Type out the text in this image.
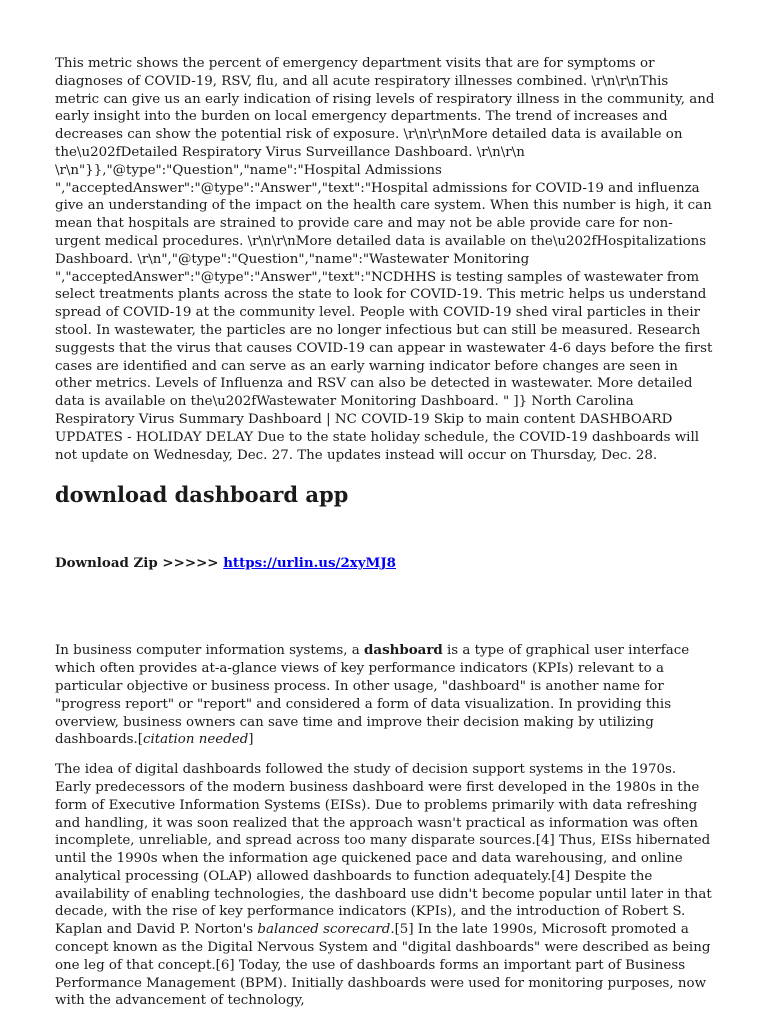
This metric shows the percent of emergency department visits that are for symptoms or diagnoses of COVID-19, RSV, flu, and all acute respiratory illnesses combined. \r\n\r\nThis metric can give us an early indication of rising levels of respiratory illness in the community, and early insight into the burden on local emergency departments. The trend of increases and decreases can show the potential risk of exposure. \r\n\r\nMore detailed data is available on the\u202fDetailed Respiratory Virus Surveillance Dashboard. \r\n\r\n \r\n"}},"@type":"Question","name":"Hospital Admissions ","acceptedAnswer":"@type":"Answer","text":"Hospital admissions for COVID-19 and influenza give an understanding of the impact on the health care system. When this number is high, it can mean that hospitals are strained to provide care and may not be able provide care for non-urgent medical procedures. \r\n\r\nMore detailed data is available on the\u202fHospitalizations Dashboard. \r\n","@type":"Question","name":"Wastewater Monitoring ","acceptedAnswer":"@type":"Answer","text":"NCDHHS is testing samples of wastewater from select treatments plants across the state to look for COVID-19. This metric helps us understand spread of COVID-19 at the community level. People with COVID-19 shed viral particles in their stool. In wastewater, the particles are no longer infectious but can still be measured. Research suggests that the virus that causes COVID-19 can appear in wastewater 4-6 days before the first cases are identified and can serve as an early warning indicator before changes are seen in other metrics. Levels of Influenza and RSV can also be detected in wastewater. More detailed data is available on the\u202fWastewater Monitoring Dashboard. " ]} North Carolina Respiratory Virus Summary Dashboard | NC COVID-19 Skip to main content DASHBOARD UPDATES - HOLIDAY DELAY Due to the state holiday schedule, the COVID-19 dashboards will not update on Wednesday, Dec. 27. The updates instead will occur on Thursday, Dec. 28.

download dashboard app

Download Zip >>>>> https://urlin.us/2xyMJ8

In business computer information systems, a dashboard is a type of graphical user interface which often provides at-a-glance views of key performance indicators (KPIs) relevant to a particular objective or business process. In other usage, "dashboard" is another name for "progress report" or "report" and considered a form of data visualization. In providing this overview, business owners can save time and improve their decision making by utilizing dashboards.[citation needed]

The idea of digital dashboards followed the study of decision support systems in the 1970s. Early predecessors of the modern business dashboard were first developed in the 1980s in the form of Executive Information Systems (EISs). Due to problems primarily with data refreshing and handling, it was soon realized that the approach wasn't practical as information was often incomplete, unreliable, and spread across too many disparate sources.[4] Thus, EISs hibernated until the 1990s when the information age quickened pace and data warehousing, and online analytical processing (OLAP) allowed dashboards to function adequately.[4] Despite the availability of enabling technologies, the dashboard use didn't become popular until later in that decade, with the rise of key performance indicators (KPIs), and the introduction of Robert S. Kaplan and David P. Norton's balanced scorecard.[5] In the late 1990s, Microsoft promoted a concept known as the Digital Nervous System and "digital dashboards" were described as being one leg of that concept.[6] Today, the use of dashboards forms an important part of Business Performance Management (BPM). Initially dashboards were used for monitoring purposes, now with the advancement of technology,
